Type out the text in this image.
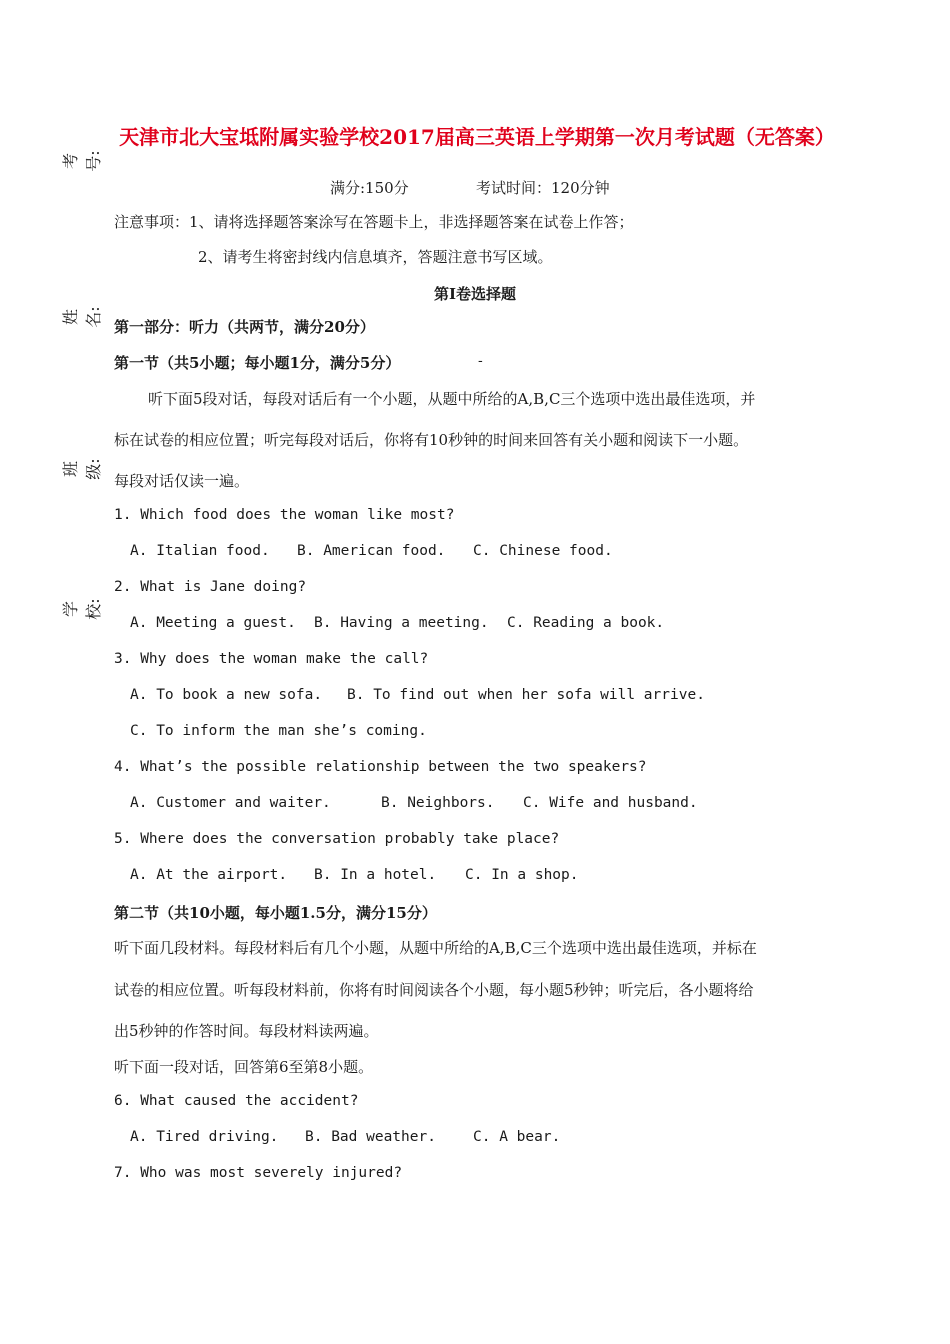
考号:
姓名:
班级:
学校:
天津市北大宝坻附属实验学校2017届高三英语上学期第一次月考试题（无答案）
满分:150分	考试时间：120分钟
注意事项：1、请将选择题答案涂写在答题卡上，非选择题答案在试卷上作答；
2、请考生将密封线内信息填齐，答题注意书写区域。
第Ⅰ卷选择题
第一部分：听力（共两节，满分20分）
第一节（共5小题；每小题1分，满分5分）	-
听下面5段对话，每段对话后有一个小题，从题中所给的A,B,C三个选项中选出最佳选项，并
标在试卷的相应位置；听完每段对话后，你将有10秒钟的时间来回答有关小题和阅读下一小题。
每段对话仅读一遍。
1. Which food does the woman like most?
A. Italian food. B. American food. C. Chinese food.
2. What is Jane doing?
A. Meeting a guest. B. Having a meeting. C. Reading a book.
3. Why does the woman make the call?
A. To book a new sofa. B. To find out when her sofa will arrive.
C. To inform the man she’s coming.
4. What’s the possible relationship between the two speakers?
A. Customer and waiter.	B. Neighbors. C. Wife and husband.
5. Where does the conversation probably take place?
A. At the airport. B. In a hotel. C. In a shop.
第二节（共10小题，每小题1.5分，满分15分）
听下面几段材料。每段材料后有几个小题，从题中所给的A,B,C三个选项中选出最佳选项，并标在
试卷的相应位置。听每段材料前，你将有时间阅读各个小题，每小题5秒钟；听完后，各小题将给
出5秒钟的作答时间。每段材料读两遍。
听下面一段对话，回答第6至第8小题。
6. What caused the accident?
A. Tired driving. B. Bad weather.	C. A bear.
7. Who was most severely injured?
